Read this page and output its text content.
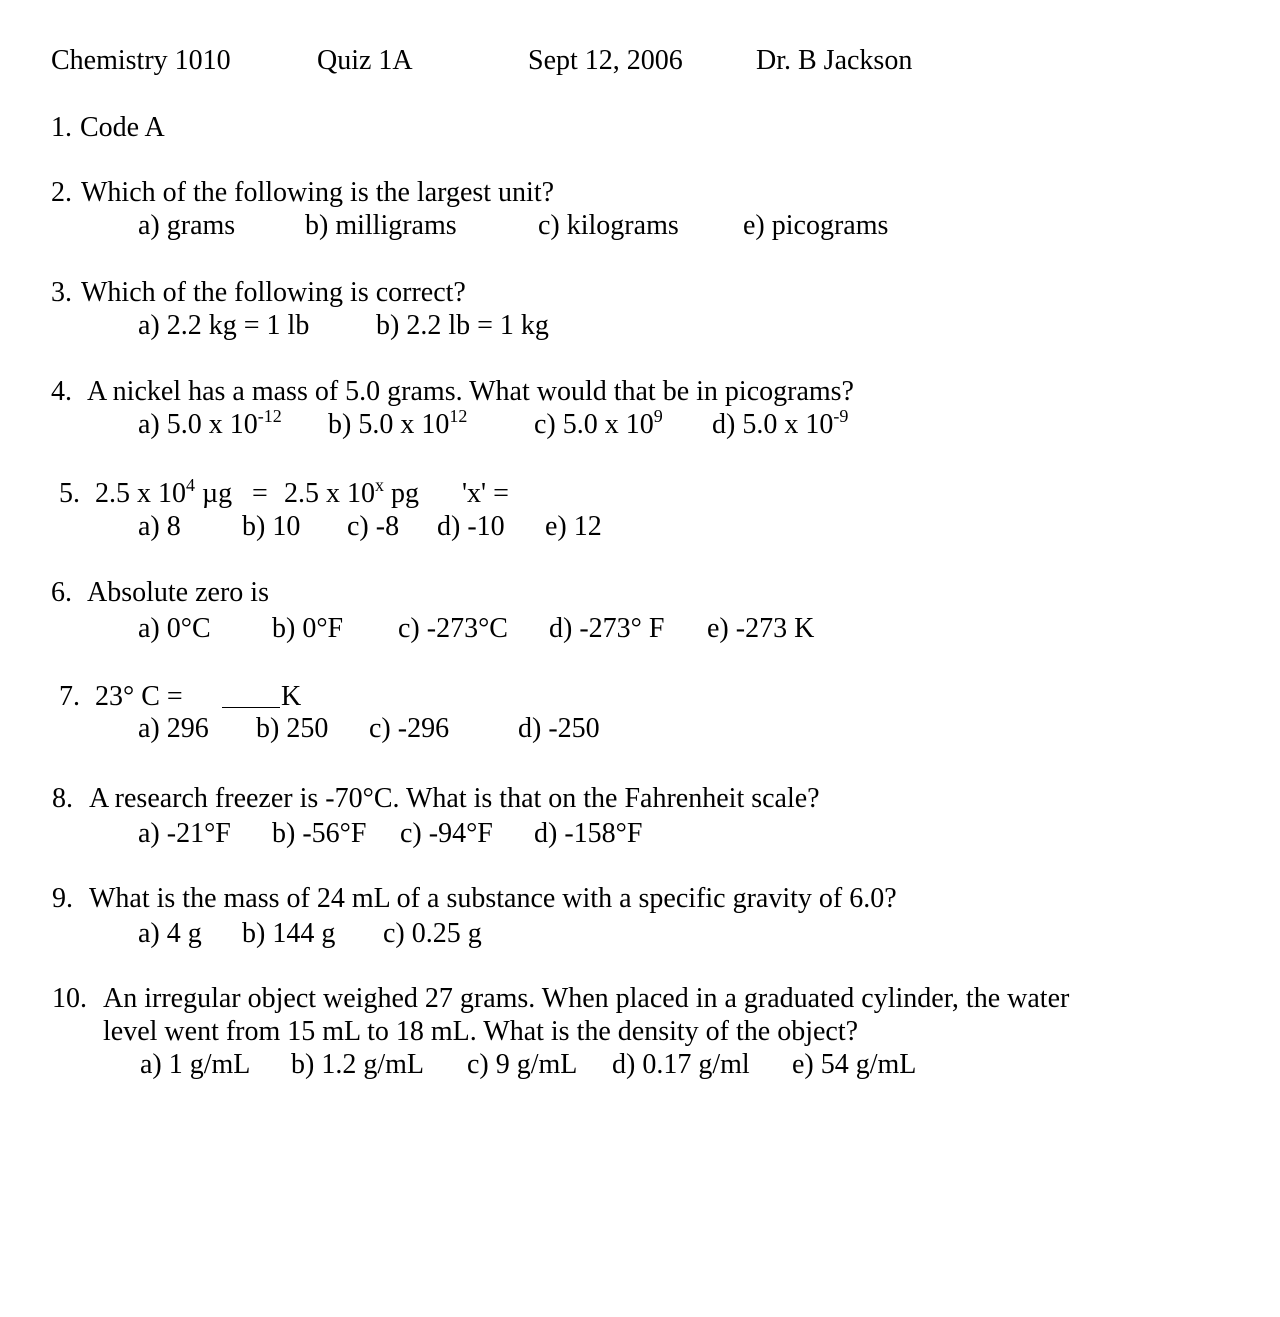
Chemistry 1010	Quiz 1A	Sept 12, 2006	Dr. B Jackson
1. Code A
2. Which of the following is the largest unit?
a) grams b) milligrams	c) kilograms e) picograms
3. Which of the following is correct?
a) 2.2 kg = 1 lb b) 2.2 lb = 1 kg
4. A nickel has a mass of 5.0 grams. What would that be in picograms?
a) 5.0 x $10^{-12}$ b) 5.0 x $10^{12}$ c) 5.0 x $10^9$ d) 5.0 x $10^{-9}$
5. 2.5 x $10^4$ µg = 2.5 x 10$^x$ pg 'x' =
a) 8 b) 10 c) -8 d) -10 e) 12
6. Absolute zero is
a) 0°C b) 0°F c) -273°C d) -273° F e) -273 K
7. 23° C =	K
a) 296 b) 250 c) -296 d) -250
8. A research freezer is -70°C. What is that on the Fahrenheit scale?
a) -21°F b) -56°F c) -94°F d) -158°F
9. What is the mass of 24 mL of a substance with a specific gravity of 6.0?
a) 4 g b) 144 g c) 0.25 g
10. An irregular object weighed 27 grams. When placed in a graduated cylinder, the water
level went from 15 mL to 18 mL. What is the density of the object?
a) 1 g/mL b) 1.2 g/mL c) 9 g/mL d) 0.17 g/ml e) 54 g/mL
